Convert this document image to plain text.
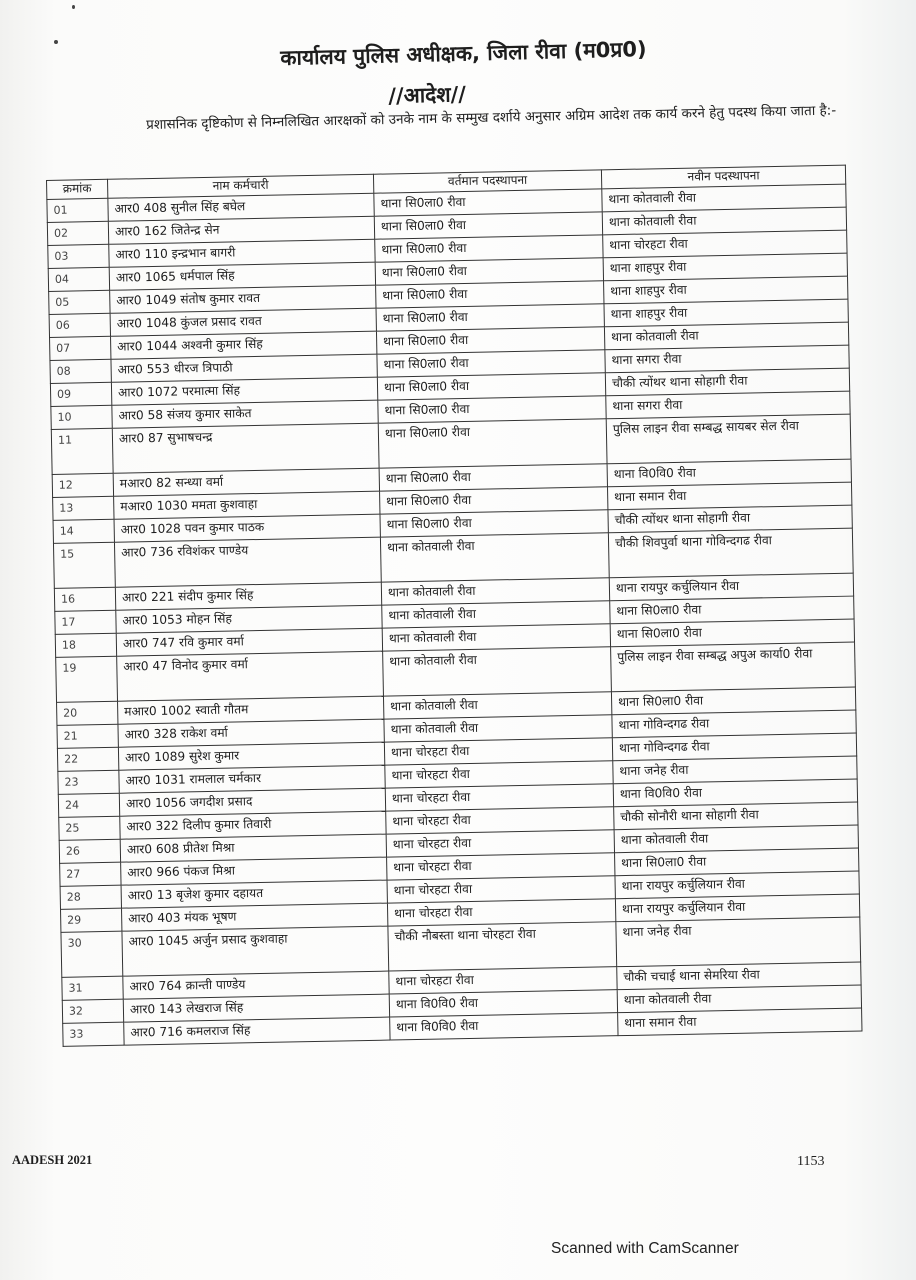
कार्यालय पुलिस अधीक्षक, जिला रीवा (म0प्र0)
//आदेश//
प्रशासनिक दृष्टिकोण से निम्नलिखित आरक्षकों को उनके नाम के सम्मुख दर्शाये अनुसार अग्रिम आदेश तक कार्य करने हेतु पदस्थ किया जाता है:-
क्रमांक	नाम कर्मचारी	वर्तमान पदस्थापना	नवीन पदस्थापना
01	आर0 408 सुनील सिंह बघेल	थाना सि0ला0 रीवा	थाना कोतवाली रीवा
02	आर0 162 जितेन्द्र सेन	थाना सि0ला0 रीवा	थाना कोतवाली रीवा
03	आर0 110 इन्द्रभान बागरी	थाना सि0ला0 रीवा	थाना चोरहटा रीवा
04	आर0 1065 धर्मपाल सिंह	थाना सि0ला0 रीवा	थाना शाहपुर रीवा
05	आर0 1049 संतोष कुमार रावत	थाना सि0ला0 रीवा	थाना शाहपुर रीवा
06	आर0 1048 कुंजल प्रसाद रावत	थाना सि0ला0 रीवा	थाना शाहपुर रीवा
07	आर0 1044 अश्वनी कुमार सिंह	थाना सि0ला0 रीवा	थाना कोतवाली रीवा
08	आर0 553 धीरज त्रिपाठी	थाना सि0ला0 रीवा	थाना सगरा रीवा
09	आर0 1072 परमात्मा सिंह	थाना सि0ला0 रीवा	चौकी त्योंथर थाना सोहागी रीवा
10	आर0 58 संजय कुमार साकेत	थाना सि0ला0 रीवा	थाना सगरा रीवा
11	आर0 87 सुभाषचन्द्र	थाना सि0ला0 रीवा	पुलिस लाइन रीवा सम्बद्ध सायबर सेल रीवा
12	मआर0 82 सन्ध्या वर्मा	थाना सि0ला0 रीवा	थाना वि0वि0 रीवा
13	मआर0 1030 ममता कुशवाहा	थाना सि0ला0 रीवा	थाना समान रीवा
14	आर0 1028 पवन कुमार पाठक	थाना सि0ला0 रीवा	चौकी त्योंथर थाना सोहागी रीवा
15	आर0 736 रविशंकर पाण्डेय	थाना कोतवाली रीवा	चौकी शिवपुर्वा थाना गोविन्दगढ रीवा
16	आर0 221 संदीप कुमार सिंह	थाना कोतवाली रीवा	थाना रायपुर कर्चुलियान रीवा
17	आर0 1053 मोहन सिंह	थाना कोतवाली रीवा	थाना सि0ला0 रीवा
18	आर0 747 रवि कुमार वर्मा	थाना कोतवाली रीवा	थाना सि0ला0 रीवा
19	आर0 47 विनोद कुमार वर्मा	थाना कोतवाली रीवा	पुलिस लाइन रीवा सम्बद्ध अपुअ कार्या0 रीवा
20	मआर0 1002 स्वाती गौतम	थाना कोतवाली रीवा	थाना सि0ला0 रीवा
21	आर0 328 राकेश वर्मा	थाना कोतवाली रीवा	थाना गोविन्दगढ रीवा
22	आर0 1089 सुरेश कुमार	थाना चोरहटा रीवा	थाना गोविन्दगढ रीवा
23	आर0 1031 रामलाल चर्मकार	थाना चोरहटा रीवा	थाना जनेह रीवा
24	आर0 1056 जगदीश प्रसाद	थाना चोरहटा रीवा	थाना वि0वि0 रीवा
25	आर0 322 दिलीप कुमार तिवारी	थाना चोरहटा रीवा	चौकी सोनौरी थाना सोहागी रीवा
26	आर0 608 प्रीतेश मिश्रा	थाना चोरहटा रीवा	थाना कोतवाली रीवा
27	आर0 966 पंकज मिश्रा	थाना चोरहटा रीवा	थाना सि0ला0 रीवा
28	आर0 13 बृजेश कुमार दहायत	थाना चोरहटा रीवा	थाना रायपुर कर्चुलियान रीवा
29	आर0 403 मंयक भूषण	थाना चोरहटा रीवा	थाना रायपुर कर्चुलियान रीवा
30	आर0 1045 अर्जुन प्रसाद कुशवाहा	चौकी नौबस्ता थाना चोरहटा रीवा	थाना जनेह रीवा
31	आर0 764 क्रान्ती पाण्डेय	थाना चोरहटा रीवा	चौकी चचाई थाना सेमरिया रीवा
32	आर0 143 लेखराज सिंह	थाना वि0वि0 रीवा	थाना कोतवाली रीवा
33	आर0 716 कमलराज सिंह	थाना वि0वि0 रीवा	थाना समान रीवा
AADESH 2021	1153
Scanned with CamScanner
